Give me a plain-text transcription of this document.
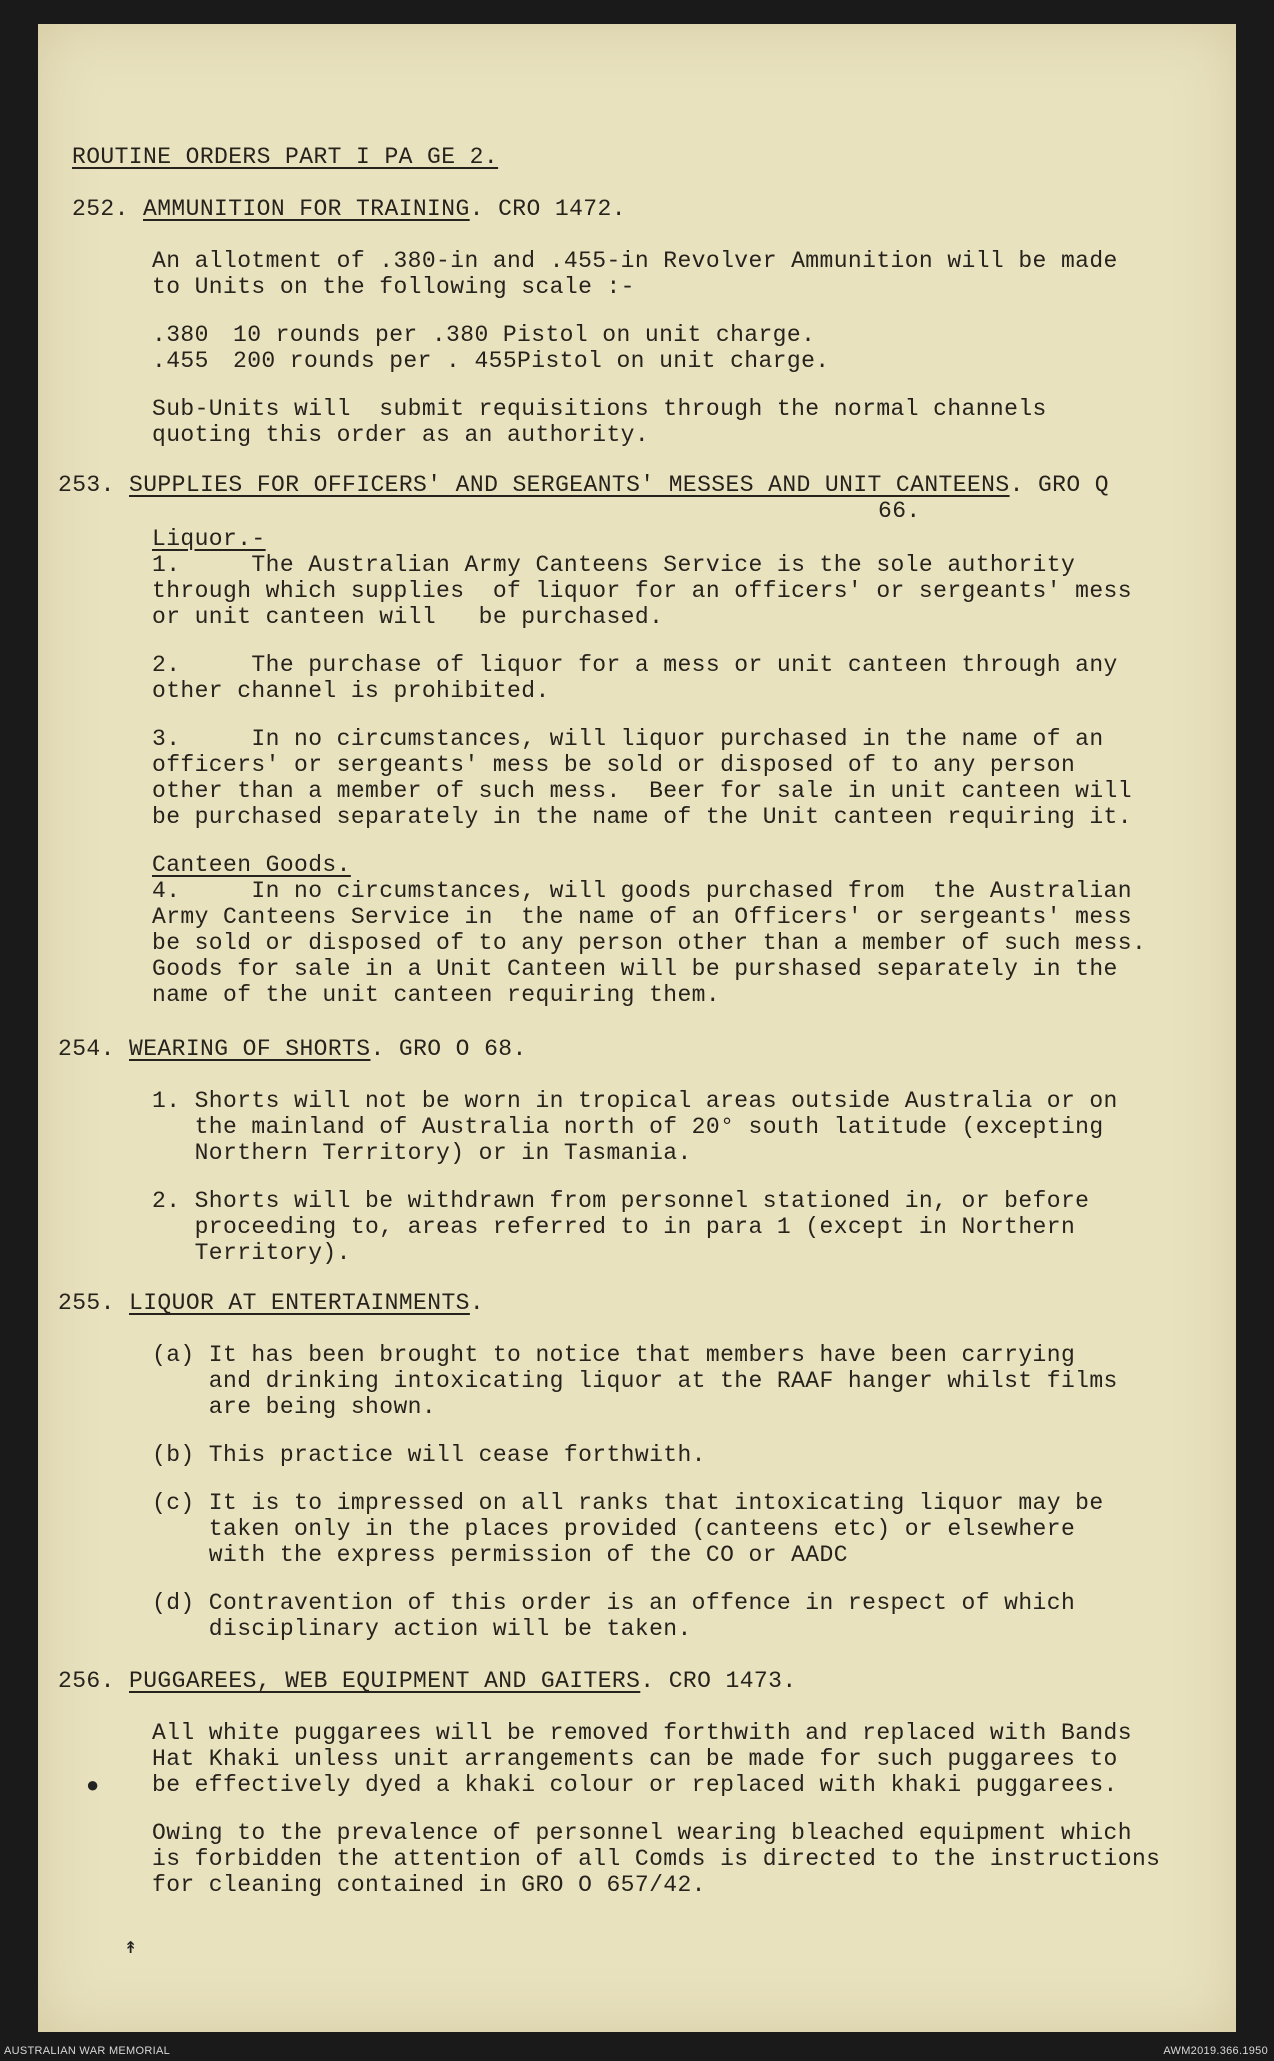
ROUTINE ORDERS PART I PA GE 2.
252. AMMUNITION FOR TRAINING. CRO 1472.
An allotment of .380-in and .455-in Revolver Ammunition will be made
to Units on the following scale :-
.380 10 rounds per .380 Pistol on unit charge.
.455 200 rounds per . 455Pistol on unit charge.
Sub-Units will  submit requisitions through the normal channels
quoting this order as an authority.
253. SUPPLIES FOR OFFICERS' AND SERGEANTS' MESSES AND UNIT CANTEENS. GRO Q
66.
Liquor.-
1.     The Australian Army Canteens Service is the sole authority
through which supplies  of liquor for an officers' or sergeants' mess
or unit canteen will   be purchased.
2.     The purchase of liquor for a mess or unit canteen through any
other channel is prohibited.
3.     In no circumstances, will liquor purchased in the name of an
officers' or sergeants' mess be sold or disposed of to any person
other than a member of such mess.  Beer for sale in unit canteen will
be purchased separately in the name of the Unit canteen requiring it.
Canteen Goods.
4.     In no circumstances, will goods purchased from  the Australian
Army Canteens Service in  the name of an Officers' or sergeants' mess
be sold or disposed of to any person other than a member of such mess.
Goods for sale in a Unit Canteen will be purshased separately in the
name of the unit canteen requiring them.
254. WEARING OF SHORTS. GRO O 68.
1. Shorts will not be worn in tropical areas outside Australia or on
the mainland of Australia north of 20° south latitude (excepting
Northern Territory) or in Tasmania.
2. Shorts will be withdrawn from personnel stationed in, or before
proceeding to, areas referred to in para 1 (except in Northern
Territory).
255. LIQUOR AT ENTERTAINMENTS.
(a) It has been brought to notice that members have been carrying
and drinking intoxicating liquor at the RAAF hanger whilst films
are being shown.
(b) This practice will cease forthwith.
(c) It is to impressed on all ranks that intoxicating liquor may be
taken only in the places provided (canteens etc) or elsewhere
with the express permission of the CO or AADC
(d) Contravention of this order is an offence in respect of which
disciplinary action will be taken.
256. PUGGAREES, WEB EQUIPMENT AND GAITERS. CRO 1473.
All white puggarees will be removed forthwith and replaced with Bands
Hat Khaki unless unit arrangements can be made for such puggarees to
be effectively dyed a khaki colour or replaced with khaki puggarees.
Owing to the prevalence of personnel wearing bleached equipment which
is forbidden the attention of all Comds is directed to the instructions
for cleaning contained in GRO O 657/42.
●
↟
AUSTRALIAN WAR MEMORIAL	AWM2019.366.1950
